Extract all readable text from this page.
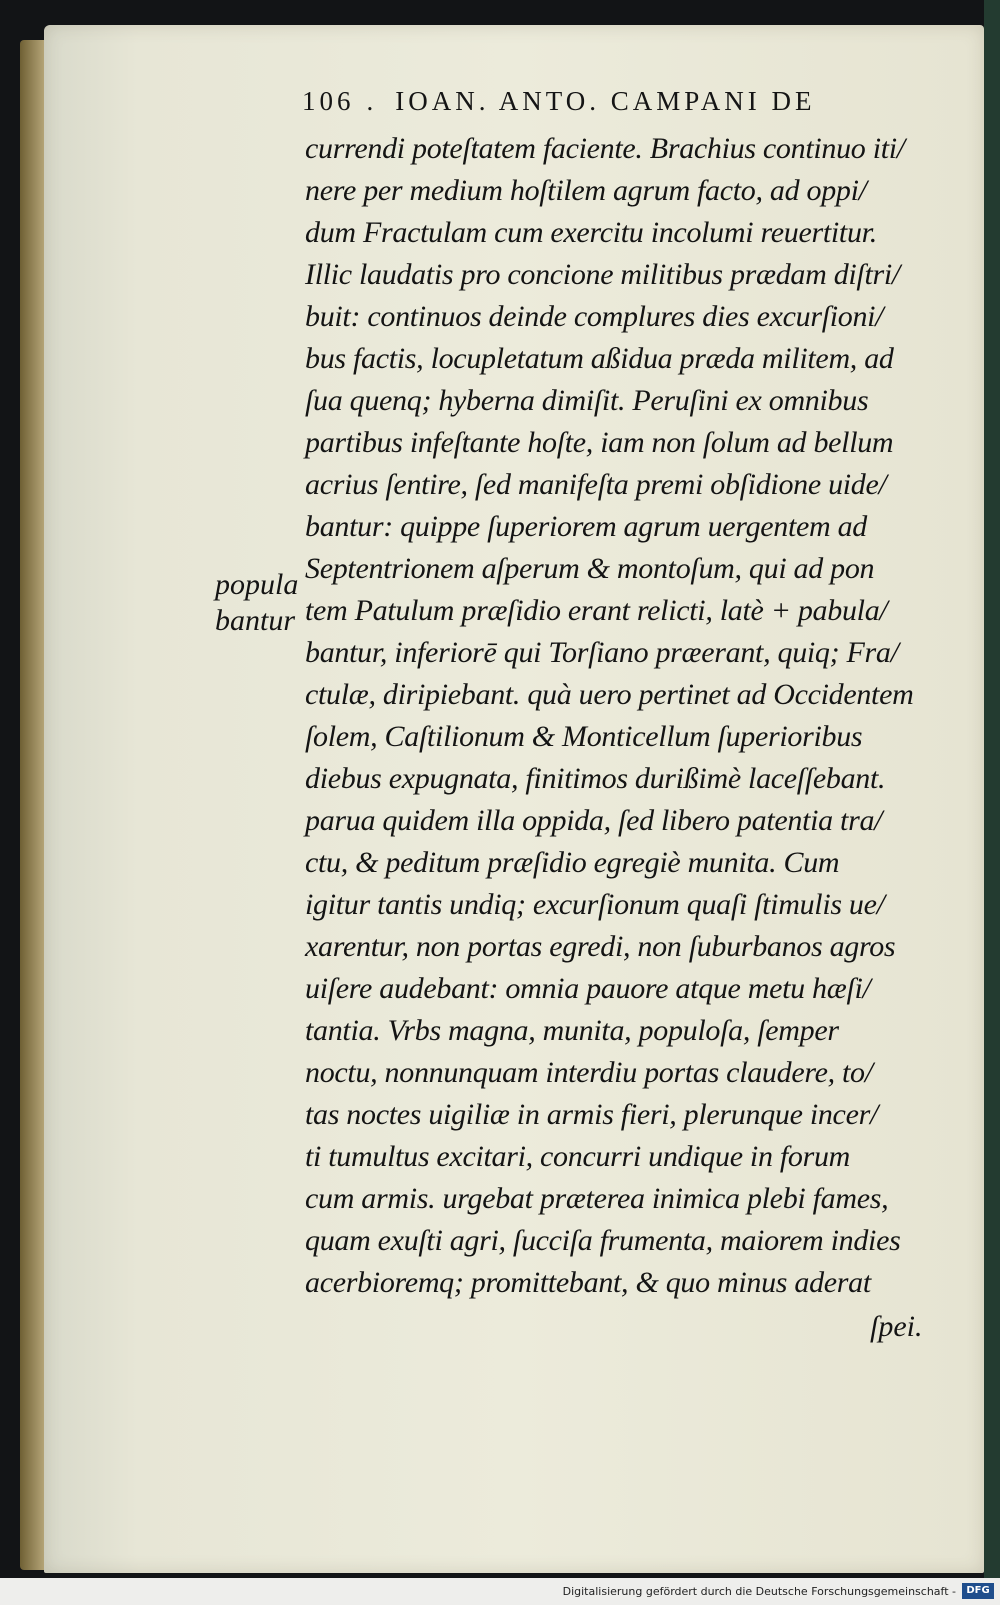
106 . IOAN. ANTO. CAMPANI DE
currendi poteſtatem faciente. Brachius continuo iti/
nere per medium hoſtilem agrum facto, ad oppi/
dum Fractulam cum exercitu incolumi reuertitur.
Illic laudatis pro concione militibus prædam diſtri/
buit: continuos deinde complures dies excurſioni/
bus factis, locupletatum aßidua præda militem, ad
ſua quenq; hyberna dimiſit. Peruſini ex omnibus
partibus infeſtante hoſte, iam non ſolum ad bellum
acrius ſentire, ſed manifeſta premi obſidione uide/
bantur: quippe ſuperiorem agrum uergentem ad
Septentrionem aſperum & montoſum, qui ad pon
tem Patulum præſidio erant relicti, latè + pabula/
bantur, inferiorē qui Torſiano præerant, quiq; Fra/
ctulæ, diripiebant. quà uero pertinet ad Occidentem
ſolem, Caſtilionum & Monticellum ſuperioribus
diebus expugnata, finitimos durißimè laceſſebant.
parua quidem illa oppida, ſed libero patentia tra/
ctu, & peditum præſidio egregiè munita. Cum
igitur tantis undiq; excurſionum quaſi ſtimulis ue/
xarentur, non portas egredi, non ſuburbanos agros
uiſere audebant: omnia pauore atque metu hæſi/
tantia. Vrbs magna, munita, populoſa, ſemper
noctu, nonnunquam interdiu portas claudere, to/
tas noctes uigiliæ in armis fieri, plerunque incer/
ti tumultus excitari, concurri undique in forum
cum armis. urgebat præterea inimica plebi fames,
quam exuſti agri, ſucciſa frumenta, maiorem indies
acerbioremq; promittebant, & quo minus aderat
ſpei.
popula
bantur
Digitalisierung gefördert durch die Deutsche Forschungsgemeinschaft -	DFG
